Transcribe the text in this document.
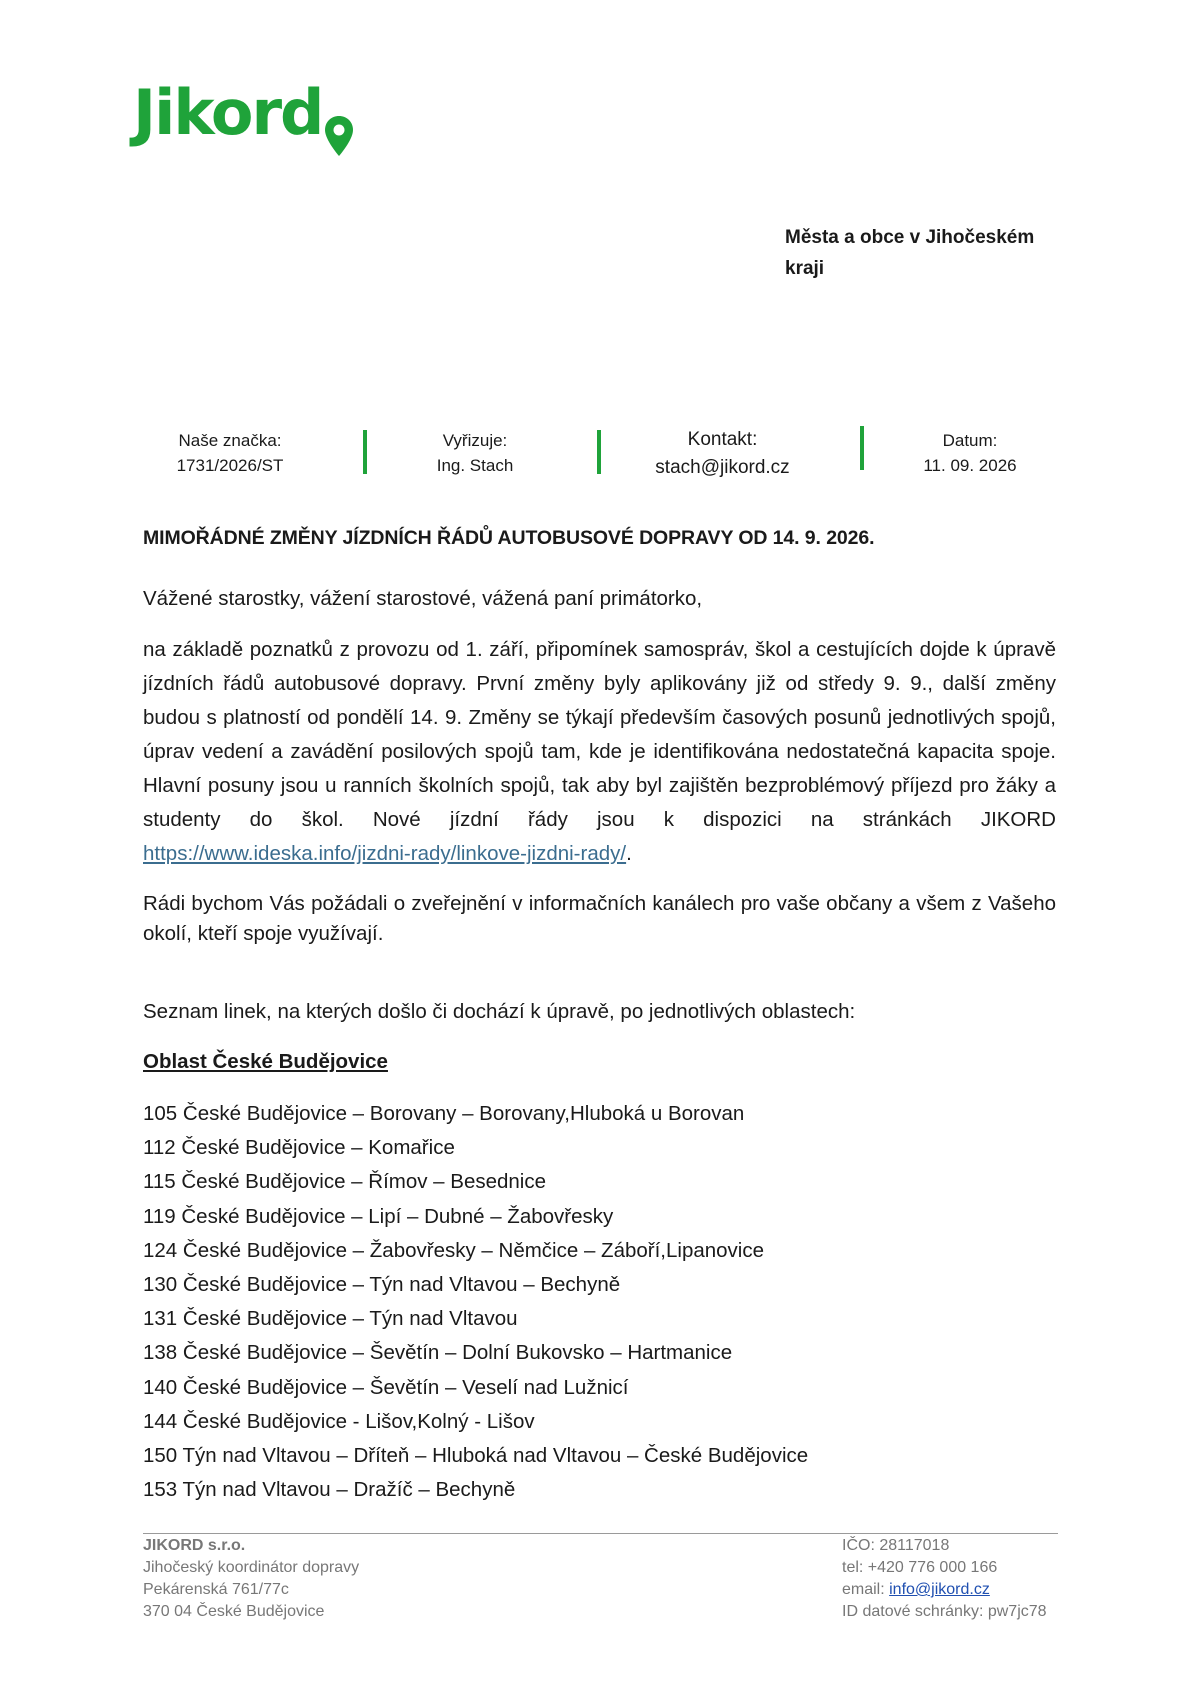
Jikord
Města a obce v Jihočeském
kraji
Naše značka:
1731/2026/ST
Vyřizuje:
Ing. Stach
Kontakt:
stach@jikord.cz
Datum:
11. 09. 2026
MIMOŘÁDNÉ ZMĚNY JÍZDNÍCH ŘÁDŮ AUTOBUSOVÉ DOPRAVY OD 14. 9. 2026.
Vážené starostky, vážení starostové, vážená paní primátorko,
na základě poznatků z provozu od 1. září, připomínek samospráv, škol a cestujících dojde k úpravě jízdních řádů autobusové dopravy. První změny byly aplikovány již od středy 9. 9., další změny budou s platností od pondělí 14. 9. Změny se týkají především časových posunů jednotlivých spojů, úprav vedení a zavádění posilových spojů tam, kde je identifikována nedostatečná kapacita spoje. Hlavní posuny jsou u ranních školních spojů, tak aby byl zajištěn bezproblémový příjezd pro žáky a studenty do škol. Nové jízdní řády jsou k dispozici na stránkách JIKORD https://www.ideska.info/jizdni-rady/linkove-jizdni-rady/.
Rádi bychom Vás požádali o zveřejnění v informačních kanálech pro vaše občany a všem z Vašeho okolí, kteří spoje využívají.
Seznam linek, na kterých došlo či dochází k úpravě, po jednotlivých oblastech:
Oblast České Budějovice
105 České Budějovice – Borovany – Borovany,Hluboká u Borovan
112 České Budějovice – Komařice
115 České Budějovice – Římov – Besednice
119 České Budějovice – Lipí – Dubné – Žabovřesky
124 České Budějovice – Žabovřesky – Němčice – Záboří,Lipanovice
130 České Budějovice – Týn nad Vltavou – Bechyně
131 České Budějovice – Týn nad Vltavou
138 České Budějovice – Ševětín – Dolní Bukovsko – Hartmanice
140 České Budějovice – Ševětín – Veselí nad Lužnicí
144 České Budějovice - Lišov,Kolný - Lišov
150 Týn nad Vltavou – Dříteň – Hluboká nad Vltavou – České Budějovice
153 Týn nad Vltavou – Dražíč – Bechyně
JIKORD s.r.o.
Jihočeský koordinátor dopravy
Pekárenská 761/77c
370 04 České Budějovice
IČO: 28117018
tel: +420 776 000 166
email: info@jikord.cz
ID datové schránky: pw7jc78
